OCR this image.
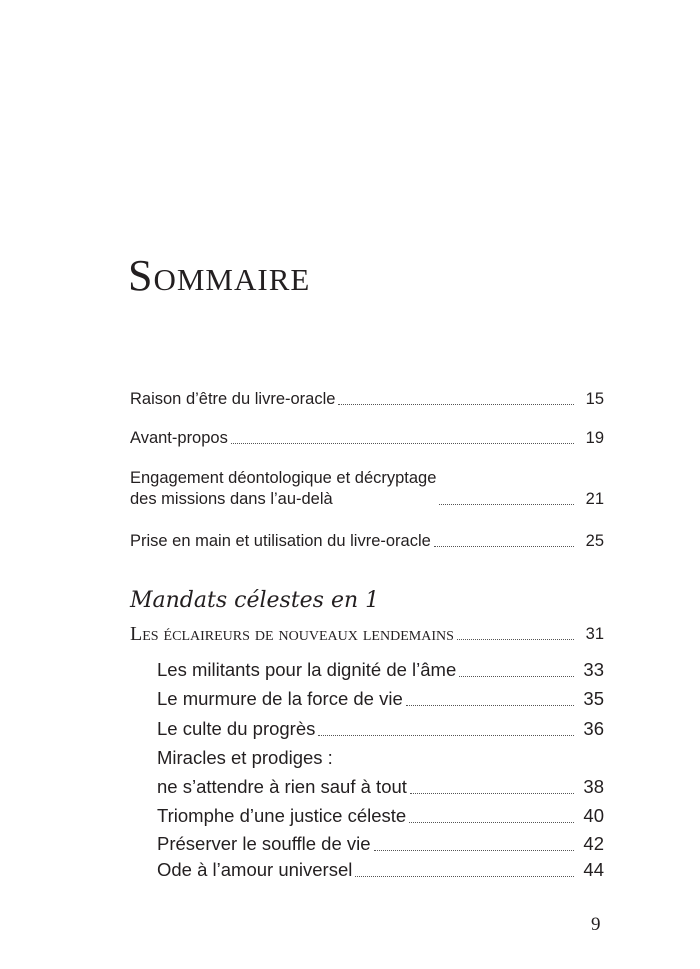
Sommaire
Raison d’être du livre-oracle	15
Avant-propos	19
Engagement déontologique et décryptage
des missions dans l’au-delà	21
Prise en main et utilisation du livre-oracle	25
Mandats célestes en 1
Les éclaireurs de nouveaux lendemains	31
Les militants pour la dignité de l’âme	33
Le murmure de la force de vie	35
Le culte du progrès	36
Miracles et prodiges :
ne s’attendre à rien sauf à tout	38
Triomphe d’une justice céleste	40
Préserver le souffle de vie	42
Ode à l’amour universel	44
9
